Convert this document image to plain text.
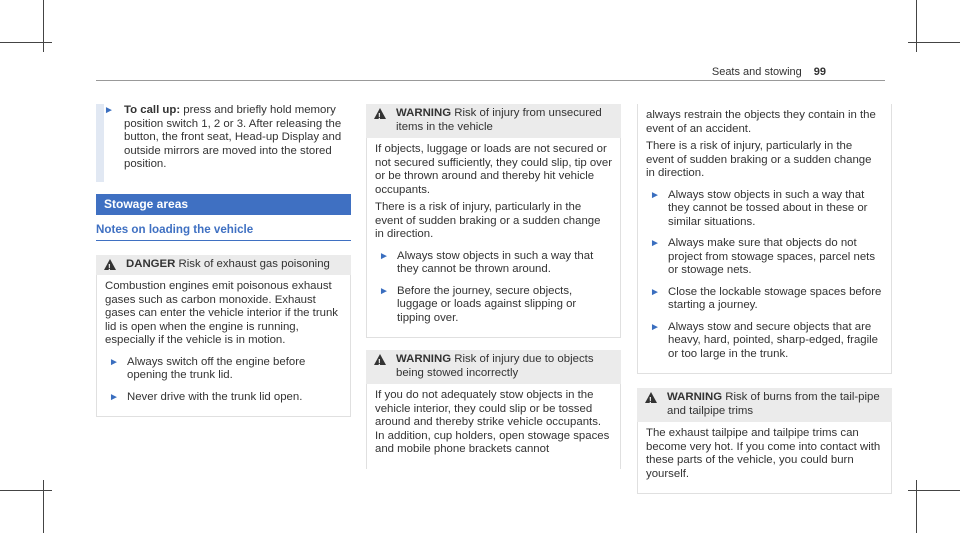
Seats and stowing 99
► To call up: press and briefly hold memory position switch 1, 2 or 3. After releasing the button, the front seat, Head-up Display and outside mirrors are moved into the stored position.

Stowage areas
Notes on loading the vehicle
! DANGER Risk of exhaust gas poisoning

Combustion engines emit poisonous exhaust gases such as carbon monoxide. Exhaust gases can enter the vehicle interior if the trunk lid is open when the engine is running, especially if the vehicle is in motion.

► Always switch off the engine before opening the trunk lid.

► Never drive with the trunk lid open.

! WARNING Risk of injury from unsecured items in the vehicle

If objects, luggage or loads are not secured or not secured sufficiently, they could slip, tip over or be thrown around and thereby hit vehicle occupants.

There is a risk of injury, particularly in the event of sudden braking or a sudden change in direction.

► Always stow objects in such a way that they cannot be thrown around.

► Before the journey, secure objects, luggage or loads against slipping or tipping over.

! WARNING Risk of injury due to objects being stowed incorrectly

If you do not adequately stow objects in the vehicle interior, they could slip or be tossed around and thereby strike vehicle occupants. In addition, cup holders, open stowage spaces and mobile phone brackets cannot

always restrain the objects they contain in the event of an accident.

There is a risk of injury, particularly in the event of sudden braking or a sudden change in direction.

► Always stow objects in such a way that they cannot be tossed about in these or similar situations.

► Always make sure that objects do not project from stowage spaces, parcel nets or stowage nets.

► Close the lockable stowage spaces before starting a journey.

► Always stow and secure objects that are heavy, hard, pointed, sharp-edged, fragile or too large in the trunk.

! WARNING Risk of burns from the tail-pipe and tailpipe trims

The exhaust tailpipe and tailpipe trims can become very hot. If you come into contact with these parts of the vehicle, you could burn yourself.
